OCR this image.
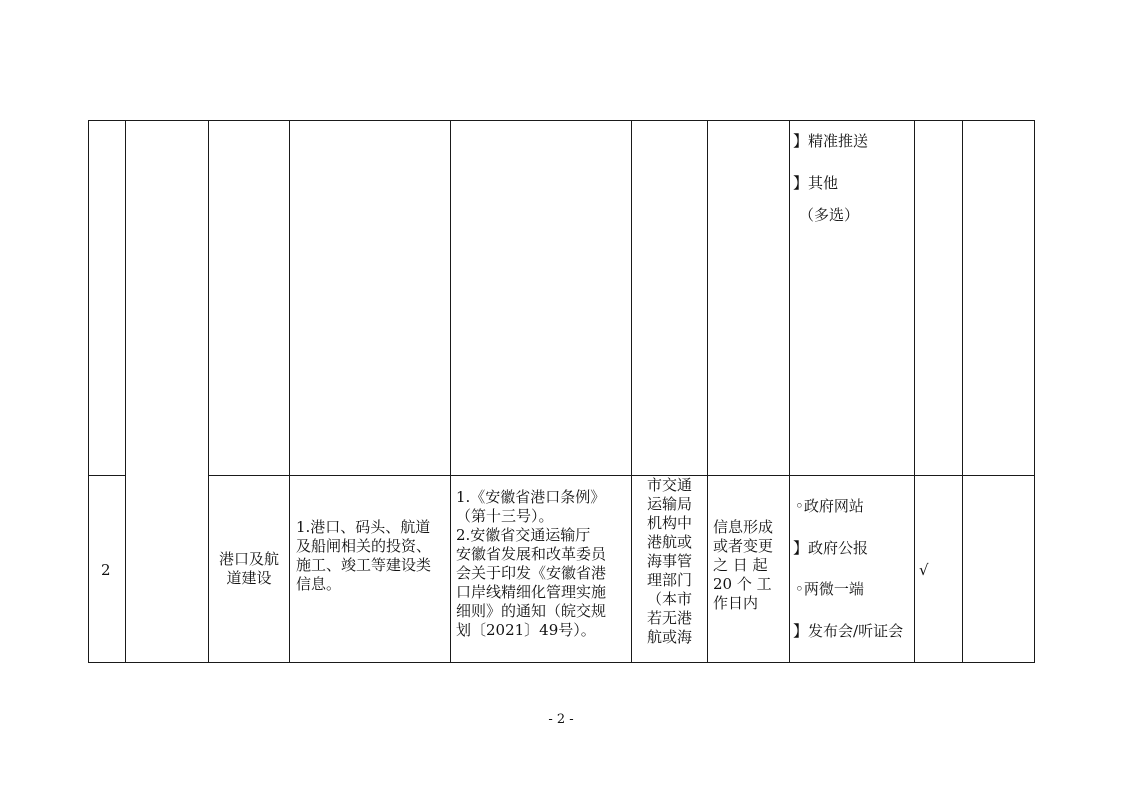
】精准推送
】其他
（多选）
2
港口及航
道建设
1.港口、码头、航道
及船闸相关的投资、
施工、竣工等建设类
信息。
1.《安徽省港口条例》
（第十三号）。
2.安徽省交通运输厅
安徽省发展和改革委员
会关于印发《安徽省港
口岸线精细化管理实施
细则》的通知（皖交规
划〔2021〕49号）。
市交通
运输局
机构中
港航或
海事管
理部门
（本市
若无港
航或海
信息形成
或者变更
之 日 起
20 个 工
作日内
◦政府网站
】政府公报
◦两微一端
】发布会/听证会
√
- 2 -
